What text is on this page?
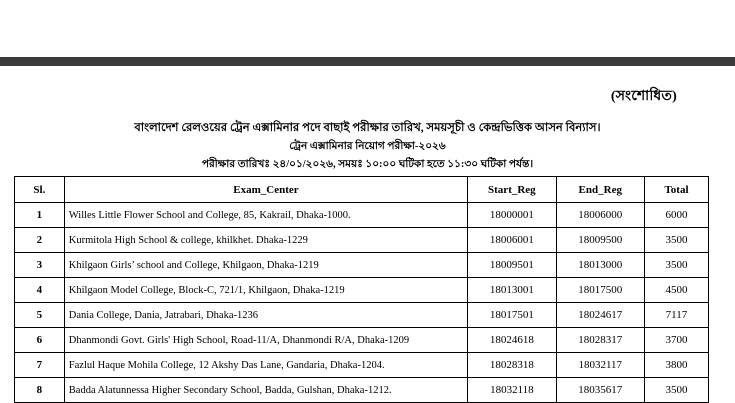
(সংশোধিত)
বাংলাদেশ রেলওয়ের ট্রেন এক্সামিনার পদে বাছাই পরীক্ষার তারিখ, সময়সূচী ও কেন্দ্রভিত্তিক আসন বিন্যাস।
ট্রেন এক্সামিনার নিয়োগ পরীক্ষা-২০২৬
পরীক্ষার তারিখঃ ২৪/০১/২০২৬, সময়ঃ ১০:০০ ঘটিকা হতে ১১:৩০ ঘটিকা পর্যন্ত।
Sl.	Exam_Center	Start_Reg	End_Reg	Total
1	Willes Little Flower School and College, 85, Kakrail, Dhaka-1000.	18000001	18006000	6000
2	Kurmitola High School & college, khilkhet. Dhaka-1229	18006001	18009500	3500
3	Khilgaon Girls’ school and College, Khilgaon, Dhaka-1219	18009501	18013000	3500
4	Khilgaon Model College, Block-C, 721/1, Khilgaon, Dhaka-1219	18013001	18017500	4500
5	Dania College, Dania, Jatrabari, Dhaka-1236	18017501	18024617	7117
6	Dhanmondi Govt. Girls' High School, Road-11/A, Dhanmondi R/A, Dhaka-1209	18024618	18028317	3700
7	Fazlul Haque Mohila College, 12 Akshy Das Lane, Gandaria, Dhaka-1204.	18028318	18032117	3800
8	Badda Alatunnessa Higher Secondary School, Badda, Gulshan, Dhaka-1212.	18032118	18035617	3500
